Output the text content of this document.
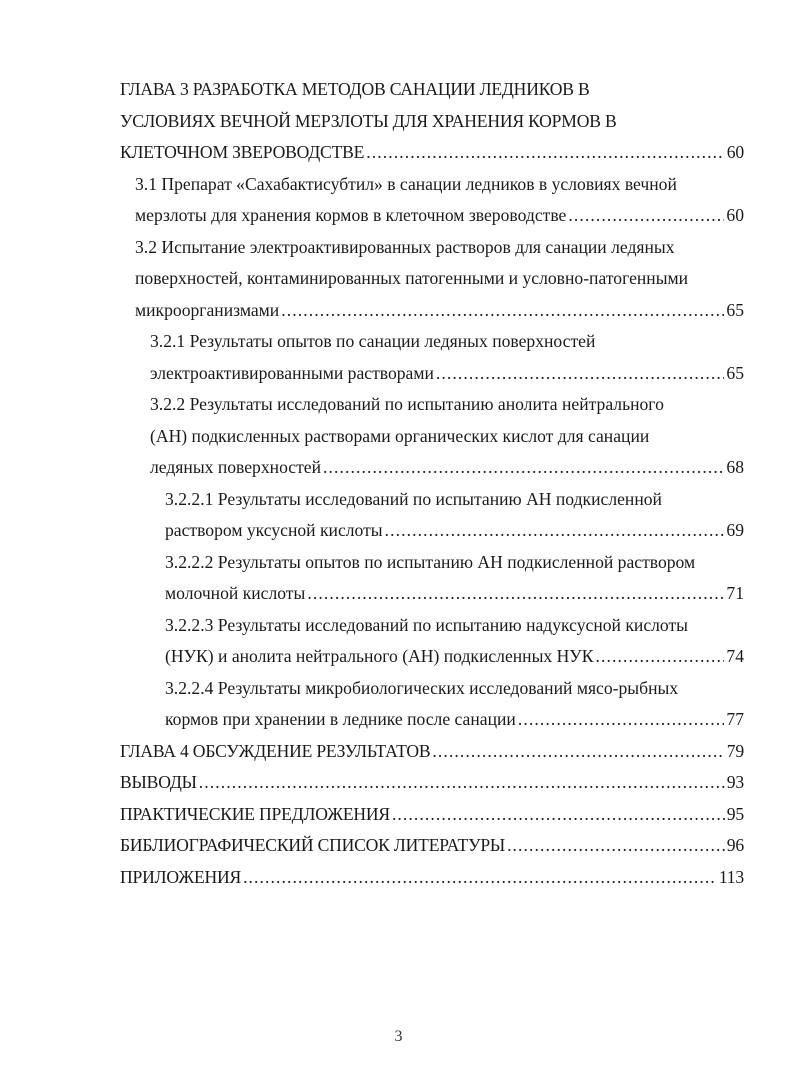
ГЛАВА 3 РАЗРАБОТКА МЕТОДОВ САНАЦИИ ЛЕДНИКОВ В
УСЛОВИЯХ ВЕЧНОЙ МЕРЗЛОТЫ ДЛЯ ХРАНЕНИЯ КОРМОВ В
КЛЕТОЧНОМ ЗВЕРОВОДСТВЕ .....	60
3.1 Препарат «Сахабактисубтил» в санации ледников в условиях вечной
мерзлоты для хранения кормов в клеточном звероводстве .....	60
3.2 Испытание электроактивированных растворов для санации ледяных
поверхностей, контаминированных патогенными и условно-патогенными
микроорганизмами .....	65
3.2.1 Результаты опытов по санации ледяных поверхностей
электроактивированными растворами .....	65
3.2.2 Результаты исследований по испытанию анолита нейтрального
(АН) подкисленных растворами органических кислот для санации
ледяных поверхностей .....	68
3.2.2.1 Результаты исследований по испытанию АН подкисленной
раствором уксусной кислоты .....	69
3.2.2.2 Результаты опытов по испытанию АН подкисленной раствором
молочной кислоты .....	71
3.2.2.3 Результаты исследований по испытанию надуксусной кислоты
(НУК) и анолита нейтрального (АН) подкисленных НУК .....	74
3.2.2.4 Результаты микробиологических исследований мясо-рыбных
кормов при хранении в леднике после санации .....	77
ГЛАВА 4 ОБСУЖДЕНИЕ РЕЗУЛЬТАТОВ .....	79
ВЫВОДЫ .....	93
ПРАКТИЧЕСКИЕ ПРЕДЛОЖЕНИЯ .....	95
БИБЛИОГРАФИЧЕСКИЙ СПИСОК ЛИТЕРАТУРЫ .....	96
ПРИЛОЖЕНИЯ .....	113
3
